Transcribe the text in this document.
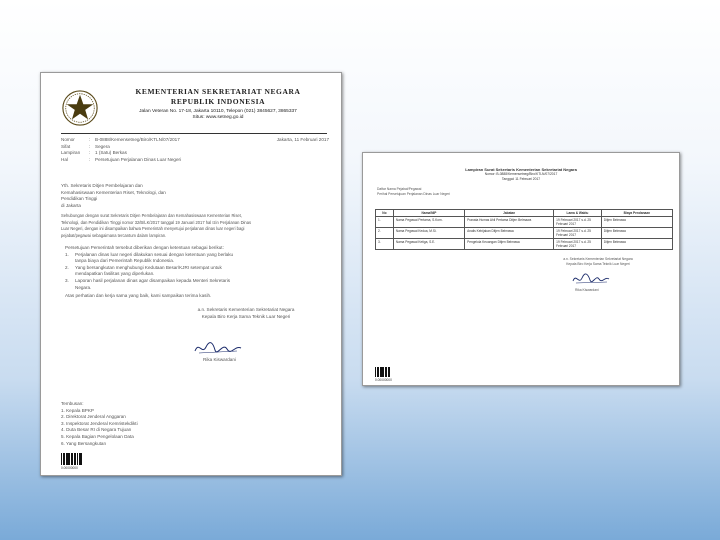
KEMENTERIAN SEKRETARIAT NEGARA
REPUBLIK INDONESIA
Jalan Veteran No. 17-18, Jakarta 10110, Telepon (021) 3845627, 3865337
Situs: www.setneg.go.id
Nomor	:	B-0888/Kemensetneg/Biro/KTLN/07/2017	Jakarta, 11 Februari 2017
Sifat	:	Segera
Lampiran	:	1 (Satu) Berkas
Hal	:	Persetujuan Perjalanan Dinas Luar Negeri
Yth. Sekretaris Ditjen Pembelajaran dan
Kemahasiswaan Kementerian Riset, Teknologi, dan
Pendidikan Tinggi
di Jakarta
Sehubungan dengan surat Sekretaris Ditjen Pembelajaran dan Kemahasiswaan Kementerian Riset,
Teknologi, dan Pendidikan Tinggi nomor 32/B/LK/2017 tanggal 19 Januari 2017 hal Izin Perjalanan Dinas
Luar Negeri, dengan ini disampaikan bahwa Pemerintah menyetujui perjalanan dinas luar negeri bagi
pejabat/pegawai sebagaimana tercantum dalam lampiran.
Persetujuan Pemerintah tersebut diberikan dengan ketentuan sebagai berikut:
1.	Perjalanan dinas luar negeri dilakukan sesuai dengan ketentuan yang berlaku
tanpa biaya dari Pemerintah Republik Indonesia.
2.	Yang bersangkutan menghubungi Kedutaan Besar/KJRI setempat untuk
mendapatkan fasilitas yang diperlukan.
3.	Laporan hasil perjalanan dinas agar disampaikan kepada Menteri Sekretaris
Negara.
Atas perhatian dan kerja sama yang baik, kami sampaikan terima kasih.
a.n. Sekretaris Kementerian Sekretariat Negara
Kepala Biro Kerja Sama Teknik Luar Negeri
Rika Kiswardani
Tembusan:
1. Kepala BPKP
2. Direktorat Jenderal Anggaran
3. Inspektorat Jenderal Kemristekdikti
4. Duta Besar RI di Negara Tujuan
5. Kepala Bagian Pengelolaan Data
6. Yang Bersangkutan
0.00000000
Lampiran Surat Sekretaris Kementerian Sekretariat Negara
Nomor: B-0888/Kemensetneg/Biro/KTLN/07/2017
Tanggal: 11 Februari 2017
Daftar Nama Pejabat/Pegawai
Perihal Persetujuan Perjalanan Dinas Luar Negeri
No	Nama/NIP	Jabatan	Lama & Waktu	Biaya Pendanaan
1.	Nama Pegawai Pertama, S.Kom.	Pranata Humas Ahli Pertama Ditjen Belmawa	19 Februari 2017 s.d. 25 Februari 2017	Ditjen Belmawa
2.	Nama Pegawai Kedua, M.Si.	Analis Kebijakan Ditjen Belmawa	19 Februari 2017 s.d. 25 Februari 2017	Ditjen Belmawa
3.	Nama Pegawai Ketiga, S.E.	Pengelola Keuangan Ditjen Belmawa	19 Februari 2017 s.d. 25 Februari 2017	Ditjen Belmawa
a.n. Sekretaris Kementerian Sekretariat Negara
Kepala Biro Kerja Sama Teknik Luar Negeri
Rika Kiswardani
0.00000000
